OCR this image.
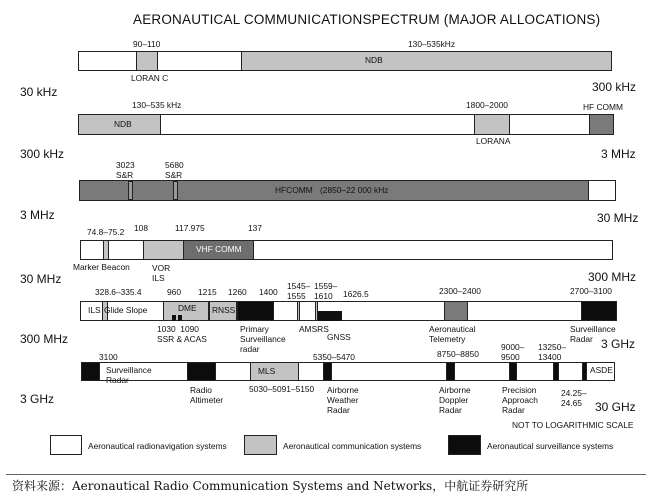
AERONAUTICAL COMMUNICATIONSPECTRUM (MAJOR ALLOCATIONS)
90–110	130–535kHz
LORAN C
NDB
30 kHz	300 kHz
130–535 kHz	1800–2000	HF COMM
NDB
LORANA
300 kHz	3 MHz
3023
S&R
5680
S&R
HFCOMM (2850–22 000 kHz
3 MHz	30 MHz
74.8–75.2 108	117.975	137
VHF COMM
Marker Beacon	VOR
ILS
30 MHz	300 MHz
328.6–335.4	960 1215 1260 1400
1545–
1555
1559–
1610	1626.5	2300–2400	2700–3100
ILS Glide Slope	DME RNSS
1030  1090
SSR & ACAS
Primary
Surveillance
radar
AMSRS
GNSS
Aeronautical
Telemetry
Surveillance
Radar
300 MHz	3 GHz
3100
Surveillance
Radar
MLS
5350–5470	8750–8850
9000–
9500
13250–
13400
ASDE
Radio
Altimeter
5030–5091–5150 Airborne
Weather
Radar
Airborne
Doppler
Radar
Precision
Approach
Radar
24.25–
24.65
3 GHz
30 GHz
NOT TO LOGARITHMIC SCALE
Aeronautical radionavigation systems	Aeronautical communication systems	Aeronautical surveillance systems
资料来源：Aeronautical Radio Communication Systems and Networks，中航证券研究所
